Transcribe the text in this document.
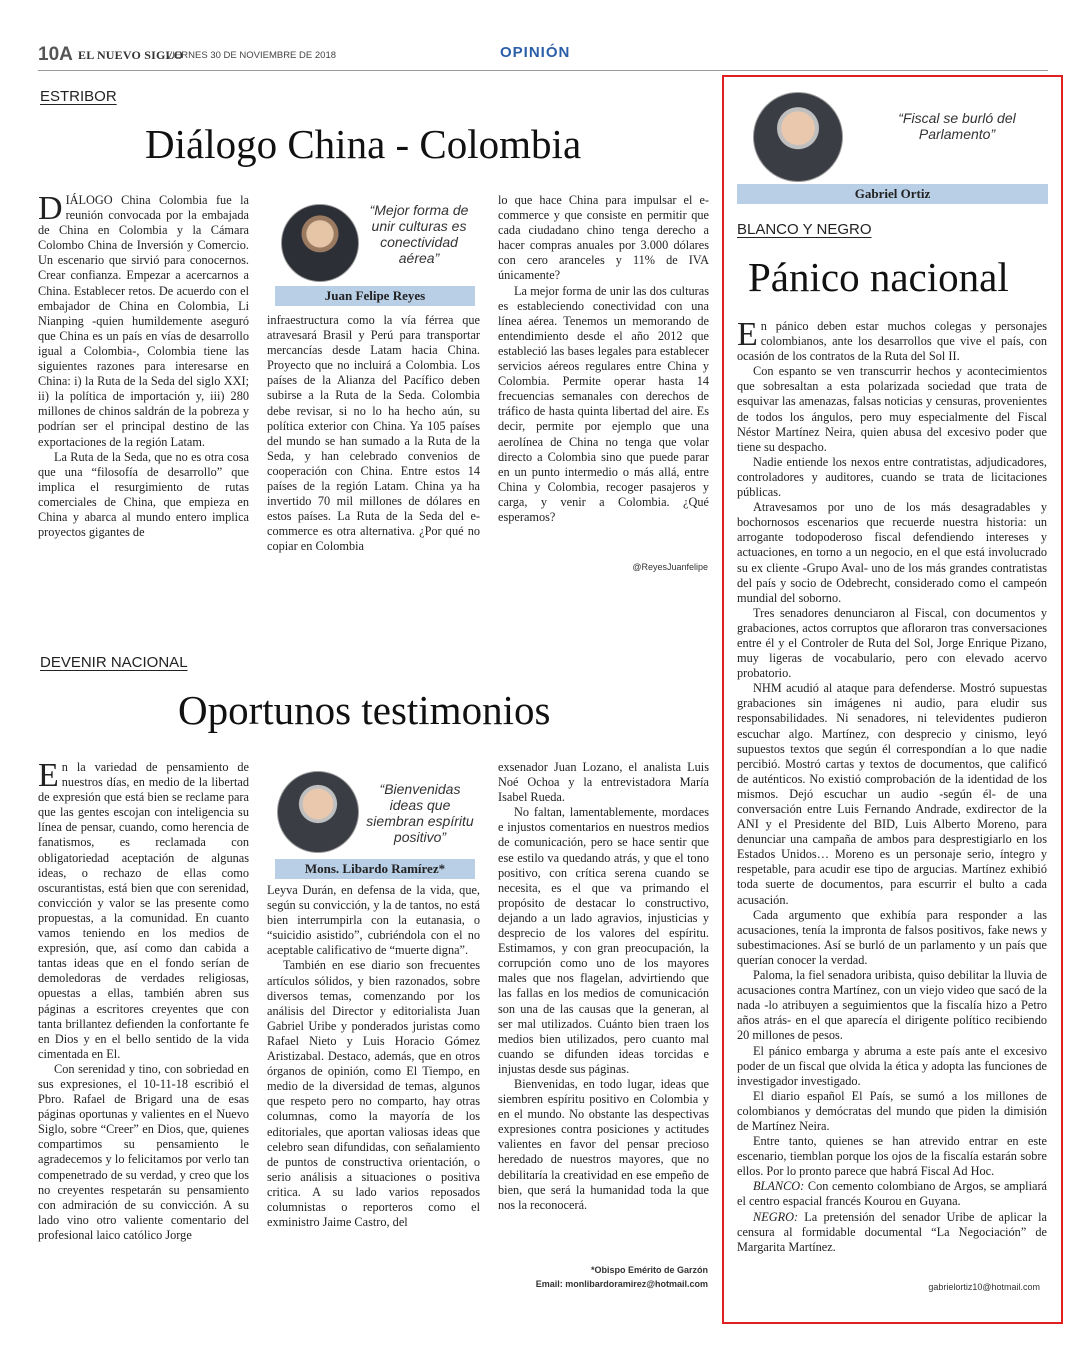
10A EL NUEVO SIGLO
VIERNES 30 DE NOVIEMBRE DE 2018	OPINIÓN
ESTRIBOR
Diálogo China - Colombia

DIÁLOGO China Colombia fue la reunión convocada por la embajada de China en Colombia y la Cámara Colombo China de Inversión y Comercio. Un escenario que sirvió para conocernos. Crear confianza. Empezar a acercarnos a China. Establecer retos. De acuerdo con el embajador de China en Colombia, Li Nianping -quien humildemente aseguró que China es un país en vías de desarrollo igual a Colombia-, Colombia tiene las siguientes razones para interesarse en China: i) la Ruta de la Seda del siglo XXI; ii) la política de importación y, iii) 280 millones de chinos saldrán de la pobreza y podrían ser el principal destino de las exportaciones de la región Latam.

La Ruta de la Seda, que no es otra cosa que una “filosofía de desarrollo” que implica el resurgimiento de rutas comerciales de China, que empieza en China y abarca al mundo entero implica proyectos gigantes de

“Mejor forma de unir culturas es conectividad aérea”
Juan Felipe Reyes

infraestructura como la vía férrea que atravesará Brasil y Perú para transportar mercancías desde Latam hacia China. Proyecto que no incluirá a Colombia. Los países de la Alianza del Pacífico deben subirse a la Ruta de la Seda. Colombia debe revisar, si no lo ha hecho aún, su política exterior con China. Ya 105 países del mundo se han sumado a la Ruta de la Seda, y han celebrado convenios de cooperación con China. Entre estos 14 países de la región Latam. China ya ha invertido 70 mil millones de dólares en estos países. La Ruta de la Seda del e-commerce es otra alternativa. ¿Por qué no copiar en Colombia

lo que hace China para impulsar el e-commerce y que consiste en permitir que cada ciudadano chino tenga derecho a hacer compras anuales por 3.000 dólares con cero aranceles y 11% de IVA únicamente?

La mejor forma de unir las dos culturas es estableciendo conectividad con una línea aérea. Tenemos un memorando de entendimiento desde el año 2012 que estableció las bases legales para establecer servicios aéreos regulares entre China y Colombia. Permite operar hasta 14 frecuencias semanales con derechos de tráfico de hasta quinta libertad del aire. Es decir, permite por ejemplo que una aerolínea de China no tenga que volar directo a Colombia sino que puede parar en un punto intermedio o más allá, entre China y Colombia, recoger pasajeros y carga, y venir a Colombia. ¿Qué esperamos?

@ReyesJuanfelipe
DEVENIR NACIONAL
Oportunos testimonios

En la variedad de pensamiento de nuestros días, en medio de la libertad de expresión que está bien se reclame para que las gentes escojan con inteligencia su línea de pensar, cuando, como herencia de fanatismos, es reclamada con obligatoriedad aceptación de algunas ideas, o rechazo de ellas como oscurantistas, está bien que con serenidad, convicción y valor se las presente como propuestas, a la comunidad. En cuanto vamos teniendo en los medios de expresión, que, así como dan cabida a tantas ideas que en el fondo serían de demoledoras de verdades religiosas, opuestas a ellas, también abren sus páginas a escritores creyentes que con tanta brillantez defienden la confortante fe en Dios y en el bello sentido de la vida cimentada en El.

Con serenidad y tino, con sobriedad en sus expresiones, el 10-11-18 escribió el Pbro. Rafael de Brigard una de esas páginas oportunas y valientes en el Nuevo Siglo, sobre “Creer” en Dios, que, quienes compartimos su pensamiento le agradecemos y lo felicitamos por verlo tan compenetrado de su verdad, y creo que los no creyentes respetarán su pensamiento con admiración de su convicción. A su lado vino otro valiente comentario del profesional laico católico Jorge

“Bienvenidas ideas que siembran espíritu positivo”
Mons. Libardo Ramírez*

Leyva Durán, en defensa de la vida, que, según su convicción, y la de tantos, no está bien interrumpirla con la eutanasia, o “suicidio asistido”, cubriéndola con el no aceptable calificativo de “muerte digna”.

También en ese diario son frecuentes artículos sólidos, y bien razonados, sobre diversos temas, comenzando por los análisis del Director y editorialista Juan Gabriel Uribe y ponderados juristas como Rafael Nieto y Luis Horacio Gómez Aristizabal. Destaco, además, que en otros órganos de opinión, como El Tiempo, en medio de la diversidad de temas, algunos que respeto pero no comparto, hay otras columnas, como la mayoría de los editoriales, que aportan valiosas ideas que celebro sean difundidas, con señalamiento de puntos de constructiva orientación, o serio análisis a situaciones o positiva critica. A su lado varios reposados columnistas o reporteros como el exministro Jaime Castro, del

exsenador Juan Lozano, el analista Luis Noé Ochoa y la entrevistadora María Isabel Rueda.

No faltan, lamentablemente, mordaces e injustos comentarios en nuestros medios de comunicación, pero se hace sentir que ese estilo va quedando atrás, y que el tono positivo, con crítica serena cuando se necesita, es el que va primando el propósito de destacar lo constructivo, dejando a un lado agravios, injusticias y desprecio de los valores del espíritu. Estimamos, y con gran preocupación, la corrupción como uno de los mayores males que nos flagelan, advirtiendo que las fallas en los medios de comunicación son una de las causas que la generan, al ser mal utilizados. Cuánto bien traen los medios bien utilizados, pero cuanto mal cuando se difunden ideas torcidas e injustas desde sus páginas.

Bienvenidas, en todo lugar, ideas que siembren espíritu positivo en Colombia y en el mundo. No obstante las despectivas expresiones contra posiciones y actitudes valientes en favor del pensar precioso heredado de nuestros mayores, que no debilitaría la creatividad en ese empeño de bien, que será la humanidad toda la que nos la reconocerá.

*Obispo Emérito de Garzón
Email: monlibardoramirez@hotmail.com
“Fiscal se burló del Parlamento”
Gabriel Ortiz
BLANCO Y NEGRO
Pánico nacional

En pánico deben estar muchos colegas y personajes colombianos, ante los desarrollos que vive el país, con ocasión de los contratos de la Ruta del Sol II.

Con espanto se ven transcurrir hechos y acontecimientos que sobresaltan a esta polarizada sociedad que trata de esquivar las amenazas, falsas noticias y censuras, provenientes de todos los ángulos, pero muy especialmente del Fiscal Néstor Martínez Neira, quien abusa del excesivo poder que tiene su despacho.

Nadie entiende los nexos entre contratistas, adjudicadores, controladores y auditores, cuando se trata de licitaciones públicas.

Atravesamos por uno de los más desagradables y bochornosos escenarios que recuerde nuestra historia: un arrogante todopoderoso fiscal defendiendo intereses y actuaciones, en torno a un negocio, en el que está involucrado su ex cliente -Grupo Aval- uno de los más grandes contratistas del país y socio de Odebrecht, considerado como el campeón mundial del soborno.

Tres senadores denunciaron al Fiscal, con documentos y grabaciones, actos corruptos que afloraron tras conversaciones entre él y el Controler de Ruta del Sol, Jorge Enrique Pizano, muy ligeras de vocabulario, pero con elevado acervo probatorio.

NHM acudió al ataque para defenderse. Mostró supuestas grabaciones sin imágenes ni audio, para eludir sus responsabilidades. Ni senadores, ni televidentes pudieron escuchar algo. Martínez, con desprecio y cinismo, leyó supuestos textos que según él correspondían a lo que nadie percibió. Mostró cartas y textos de documentos, que calificó de auténticos. No existió comprobación de la identidad de los mismos. Dejó escuchar un audio -según él- de una conversación entre Luis Fernando Andrade, exdirector de la ANI y el Presidente del BID, Luis Alberto Moreno, para denunciar una campaña de ambos para desprestigiarlo en los Estados Unidos… Moreno es un personaje serio, íntegro y respetable, para acudir ese tipo de argucias. Martínez exhibió toda suerte de documentos, para escurrir el bulto a cada acusación.

Cada argumento que exhibía para responder a las acusaciones, tenía la impronta de falsos positivos, fake news y subestimaciones. Así se burló de un parlamento y un país que querían conocer la verdad.

Paloma, la fiel senadora uribista, quiso debilitar la lluvia de acusaciones contra Martínez, con un viejo video que sacó de la nada -lo atribuyen a seguimientos que la fiscalía hizo a Petro años atrás- en el que aparecía el dirigente político recibiendo 20 millones de pesos.

El pánico embarga y abruma a este país ante el excesivo poder de un fiscal que olvida la ética y adopta las funciones de investigador investigado.

El diario español El País, se sumó a los millones de colombianos y demócratas del mundo que piden la dimisión de Martínez Neira.

Entre tanto, quienes se han atrevido entrar en este escenario, tiemblan porque los ojos de la fiscalía estarán sobre ellos. Por lo pronto parece que habrá Fiscal Ad Hoc.

BLANCO: Con cemento colombiano de Argos, se ampliará el centro espacial francés Kourou en Guyana.

NEGRO: La pretensión del senador Uribe de aplicar la censura al formidable documental “La Negociación” de Margarita Martínez.

gabrielortiz10@hotmail.com
